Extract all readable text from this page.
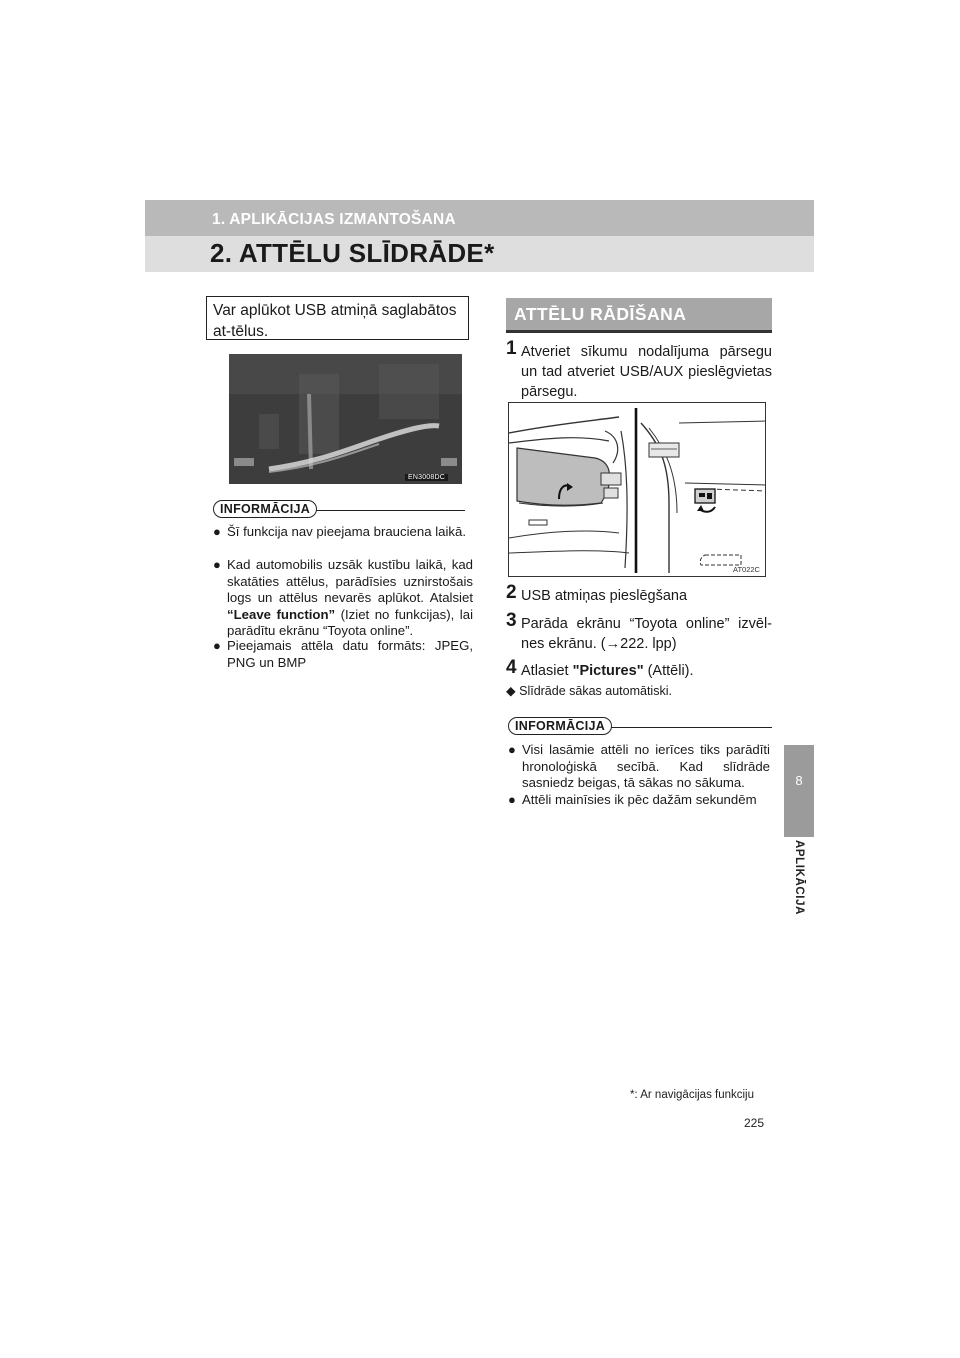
1. APLIKĀCIJAS IZMANTOŠANA
2. ATTĒLU SLĪDRĀDE*
8
APLIKĀCIJA
Var aplūkot USB atmiņā saglabātos at-tēlus.
EN3008DC
INFORMĀCIJA
● Šī funkcija nav pieejama brauciena laikā.
● Kad automobilis uzsāk kustību laikā, kad skatāties attēlus, parādīsies uznirstošais logs un attēlus nevarēs aplūkot. Atalsiet “Leave function” (Iziet no funkcijas), lai parādītu ekrānu “Toyota online”.
● Pieejamais attēla datu formāts: JPEG, PNG un BMP
ATTĒLU RĀDĪŠANA
1 Atveriet sīkumu nodalījuma pārsegu un tad atveriet USB/AUX pieslēgvietas pārsegu.
AT022C
2 USB atmiņas pieslēgšana
3 Parāda ekrānu “Toyota online” izvēl-nes ekrānu. (→222. lpp)
4 Atlasiet "Pictures" (Attēli).
◆ Slīdrāde sākas automātiski.
INFORMĀCIJA
● Visi lasāmie attēli no ierīces tiks parādīti hronoloģiskā secībā. Kad slīdrāde sasniedz beigas, tā sākas no sākuma.
● Attēli mainīsies ik pēc dažām sekundēm
*: Ar navigācijas funkciju
225
